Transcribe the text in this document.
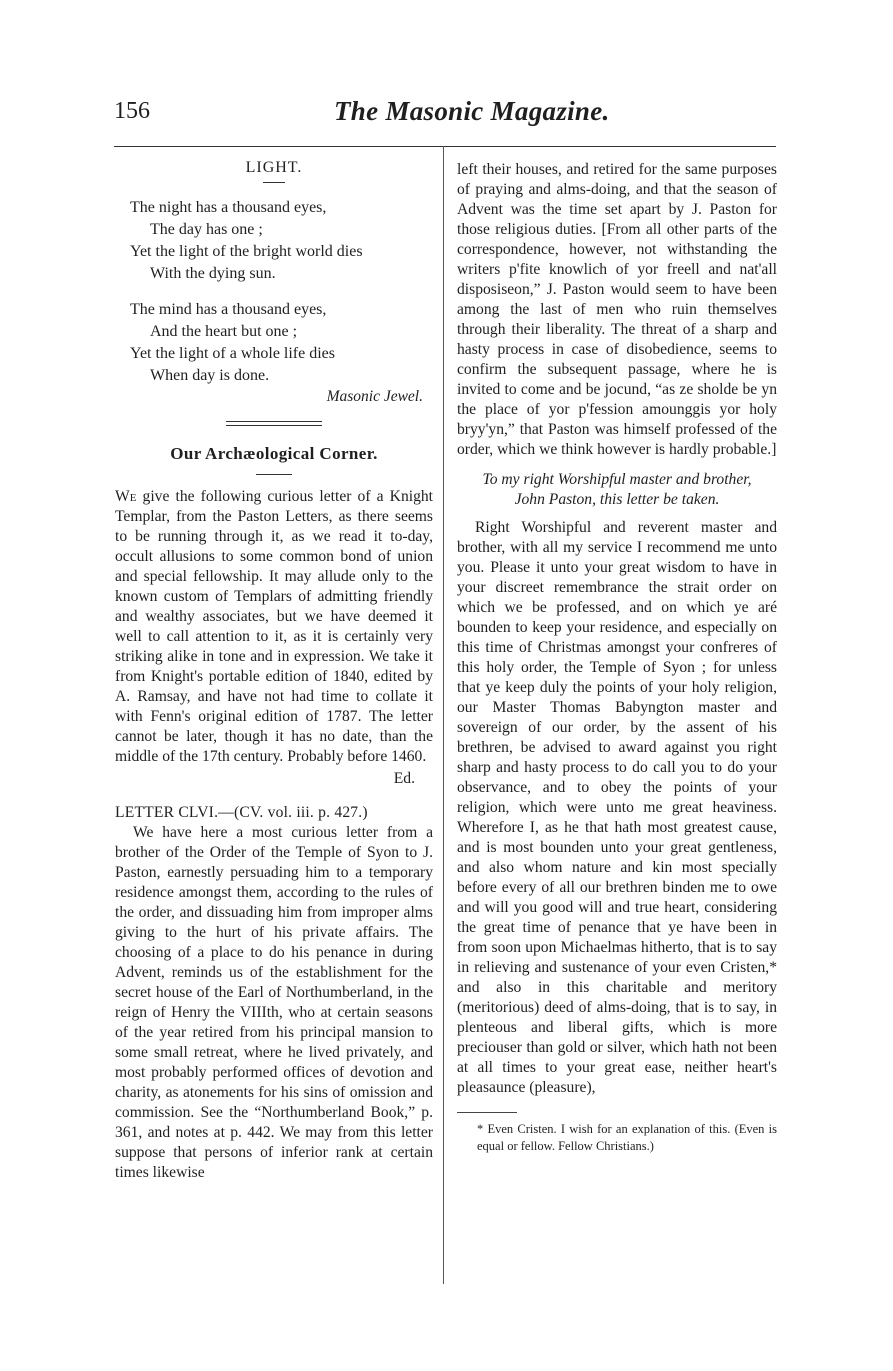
156	The Masonic Magazine.
LIGHT.
The night has a thousand eyes,
The day has one ;
Yet the light of the bright world dies
With the dying sun.
The mind has a thousand eyes,
And the heart but one ;
Yet the light of a whole life dies
When day is done.
Masonic Jewel.
Our Archæological Corner.

We give the following curious letter of a Knight Templar, from the Paston Letters, as there seems to be running through it, as we read it to-day, occult allusions to some common bond of union and special fellowship. It may allude only to the known custom of Templars of admitting friendly and wealthy associates, but we have deemed it well to call attention to it, as it is certainly very striking alike in tone and in expression. We take it from Knight's portable edition of 1840, edited by A. Ramsay, and have not had time to collate it with Fenn's original edition of 1787. The letter cannot be later, though it has no date, than the middle of the 17th century. Probably before 1460.

Ed.
LETTER CLVI.—(CV. vol. iii. p. 427.)

We have here a most curious letter from a brother of the Order of the Temple of Syon to J. Paston, earnestly persuading him to a temporary residence amongst them, according to the rules of the order, and dissuading him from improper alms giving to the hurt of his private affairs. The choosing of a place to do his penance in during Advent, reminds us of the establishment for the secret house of the Earl of Northumberland, in the reign of Henry the VIIIth, who at certain seasons of the year retired from his principal mansion to some small retreat, where he lived privately, and most probably performed offices of devotion and charity, as atonements for his sins of omission and commission. See the “Northumberland Book,” p. 361, and notes at p. 442. We may from this letter suppose that persons of inferior rank at certain times likewise

left their houses, and retired for the same purposes of praying and alms-doing, and that the season of Advent was the time set apart by J. Paston for those religious duties. [From all other parts of the correspondence, however, not withstanding the writers p'fite knowlich of yor freell and nat'all disposiseon,” J. Paston would seem to have been among the last of men who ruin themselves through their liberality. The threat of a sharp and hasty process in case of disobedience, seems to confirm the subsequent passage, where he is invited to come and be jocund, “as ze sholde be yn the place of yor p'fession amounggis yor holy bryy'yn,” that Paston was himself professed of the order, which we think however is hardly probable.]

To my right Worshipful master and brother,
John Paston, this letter be taken.

Right Worshipful and reverent master and brother, with all my service I recommend me unto you. Please it unto your great wisdom to have in your discreet remembrance the strait order on which we be professed, and on which ye aré bounden to keep your residence, and especially on this time of Christmas amongst your confreres of this holy order, the Temple of Syon ; for unless that ye keep duly the points of your holy religion, our Master Thomas Babyngton master and sovereign of our order, by the assent of his brethren, be advised to award against you right sharp and hasty process to do call you to do your observance, and to obey the points of your religion, which were unto me great heaviness. Wherefore I, as he that hath most greatest cause, and is most bounden unto your great gentleness, and also whom nature and kin most specially before every of all our brethren binden me to owe and will you good will and true heart, considering the great time of penance that ye have been in from soon upon Michaelmas hitherto, that is to say in relieving and sustenance of your even Cristen,* and also in this charitable and meritory (meritorious) deed of alms-doing, that is to say, in plenteous and liberal gifts, which is more preciouser than gold or silver, which hath not been at all times to your great ease, neither heart's pleasaunce (pleasure),

* Even Cristen. I wish for an explanation of this. (Even is equal or fellow. Fellow Christians.)
